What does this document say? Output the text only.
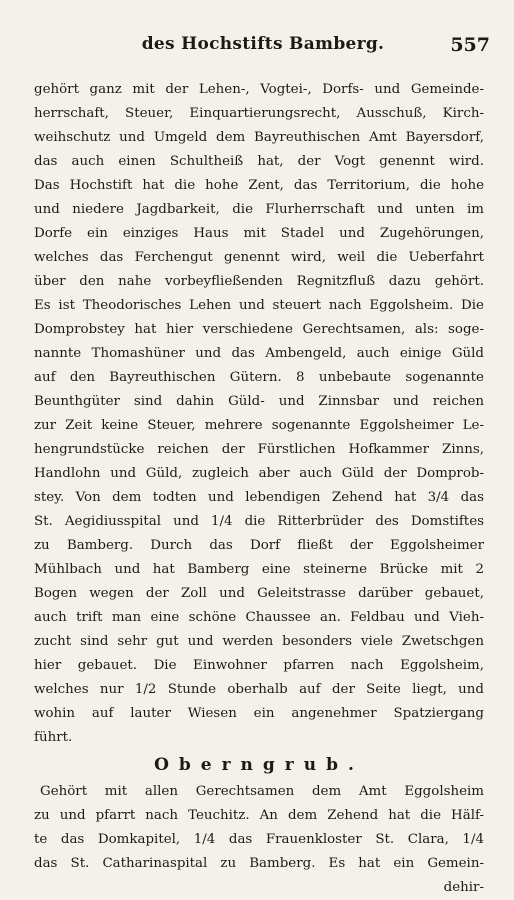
des Hochstifts Bamberg.	557
gehört ganz mit der Lehen-, Vogtei-, Dorfs- und Gemeinde-
herrschaft, Steuer, Einquartierungsrecht, Ausschuß, Kirch-
weihschutz und Umgeld dem Bayreuthischen Amt Bayersdorf,
das auch einen Schultheiß hat, der Vogt genennt wird.
Das Hochstift hat die hohe Zent, das Territorium, die hohe
und niedere Jagdbarkeit, die Flurherrschaft und unten im
Dorfe ein einziges Haus mit Stadel und Zugehörungen,
welches das Ferchengut genennt wird, weil die Ueberfahrt
über den nahe vorbeyfließenden Regnitzfluß dazu gehört.
Es ist Theodorisches Lehen und steuert nach Eggolsheim. Die
Domprobstey hat hier verschiedene Gerechtsamen, als: soge-
nannte Thomashüner und das Ambengeld, auch einige Güld
auf den Bayreuthischen Gütern. 8 unbebaute sogenannte
Beunthgüter sind dahin Güld- und Zinnsbar und reichen
zur Zeit keine Steuer, mehrere sogenannte Eggolsheimer Le-
hengrundstücke reichen der Fürstlichen Hofkammer Zinns,
Handlohn und Güld, zugleich aber auch Güld der Domprob-
stey. Von dem todten und lebendigen Zehend hat 3/4 das
St. Aegidiusspital und 1/4 die Ritterbrüder des Domstiftes
zu Bamberg. Durch das Dorf fließt der Eggolsheimer
Mühlbach und hat Bamberg eine steinerne Brücke mit 2
Bogen wegen der Zoll und Geleitstrasse darüber gebauet,
auch trift man eine schöne Chaussee an. Feldbau und Vieh-
zucht sind sehr gut und werden besonders viele Zwetschgen
hier gebauet. Die Einwohner pfarren nach Eggolsheim,
welches nur 1/2 Stunde oberhalb auf der Seite liegt, und
wohin auf lauter Wiesen ein angenehmer Spatziergang
führt.
Oberngrub.
Gehört mit allen Gerechtsamen dem Amt Eggolsheim
zu und pfarrt nach Teuchitz. An dem Zehend hat die Hälf-
te das Domkapitel, 1/4 das Frauenkloster St. Clara, 1/4
das St. Catharinaspital zu Bamberg. Es hat ein Gemein-
dehir-
